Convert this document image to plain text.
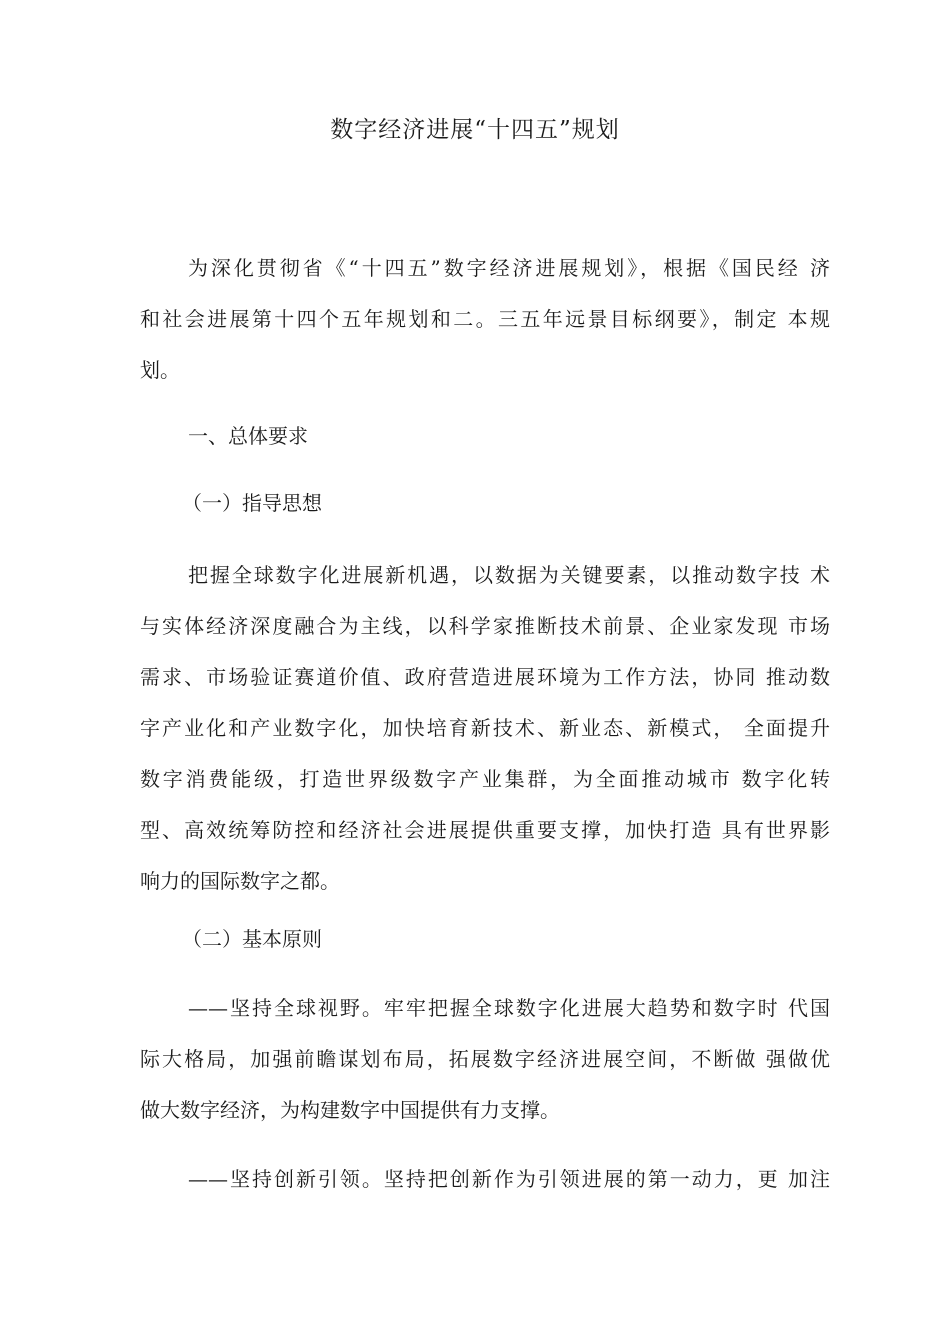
数字经济进展“十四五”规划
为深化贯彻省《“十四五”数字经济进展规划》，根据《国民经 济
和社会进展第十四个五年规划和二。三五年远景目标纲要》，制定 本规
划。
一、总体要求
（一）指导思想
把握全球数字化进展新机遇，以数据为关键要素，以推动数字技 术
与实体经济深度融合为主线，以科学家推断技术前景、企业家发现 市场
需求、市场验证赛道价值、政府营造进展环境为工作方法，协同 推动数
字产业化和产业数字化，加快培育新技术、新业态、新模式， 全面提升
数字消费能级，打造世界级数字产业集群，为全面推动城市 数字化转
型、高效统筹防控和经济社会进展提供重要支撑，加快打造 具有世界影
响力的国际数字之都。
（二）基本原则
——坚持全球视野。牢牢把握全球数字化进展大趋势和数字时 代国
际大格局，加强前瞻谋划布局，拓展数字经济进展空间，不断做 强做优
做大数字经济，为构建数字中国提供有力支撑。
——坚持创新引领。坚持把创新作为引领进展的第一动力，更 加注
